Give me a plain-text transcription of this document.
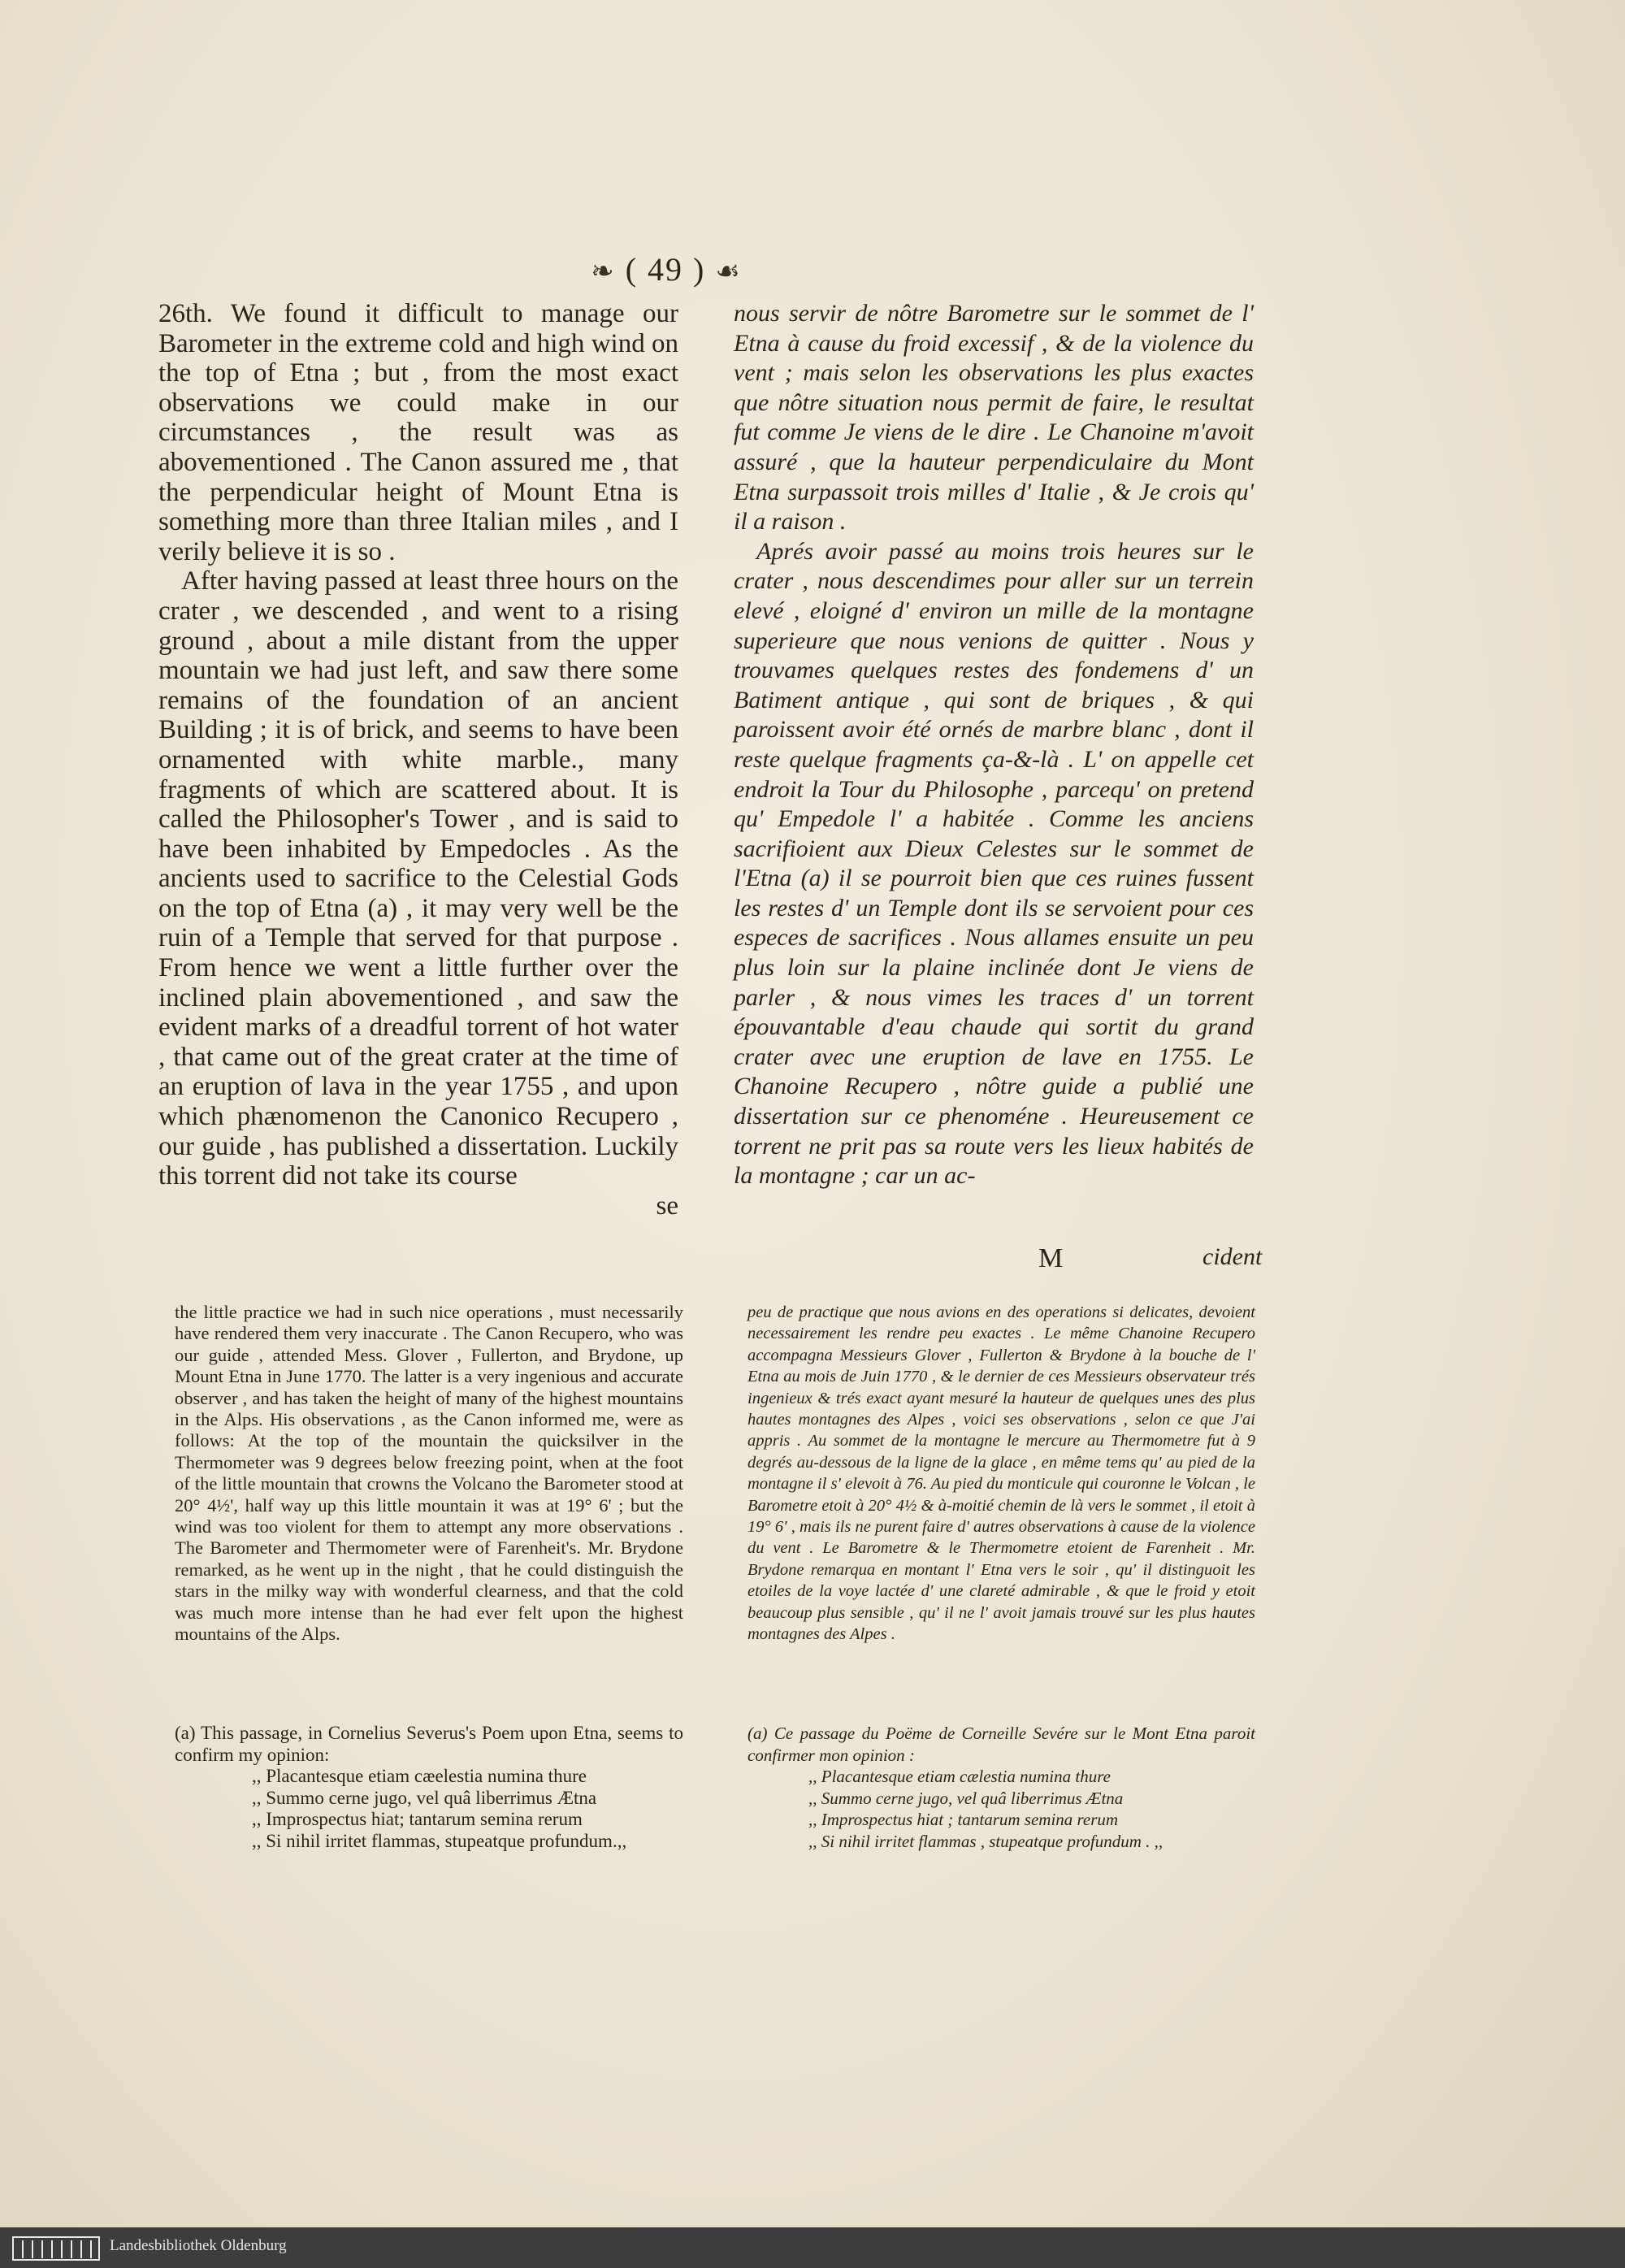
❧ ( 49 ) ☙

26th. We found it difficult to manage our Barometer in the extreme cold and high wind on the top of Etna ; but , from the most exact observations we could make in our circumstances , the result was as abovementioned . The Canon assured me , that the perpendicular height of Mount Etna is something more than three Italian miles , and I verily believe it is so .

After having passed at least three hours on the crater , we descended , and went to a rising ground , about a mile distant from the upper mountain we had just left, and saw there some remains of the foundation of an ancient Building ; it is of brick, and seems to have been ornamented with white marble., many fragments of which are scattered about. It is called the Philosopher's Tower , and is said to have been inhabited by Empedocles . As the ancients used to sacrifice to the Celestial Gods on the top of Etna (a) , it may very well be the ruin of a Temple that served for that purpose . From hence we went a little further over the inclined plain abovementioned , and saw the evident marks of a dreadful torrent of hot water , that came out of the great crater at the time of an eruption of lava in the year 1755 , and upon which phænomenon the Canonico Recupero , our guide , has published a dissertation. Luckily this torrent did not take its course

se

nous servir de nôtre Barometre sur le sommet de l' Etna à cause du froid excessif , & de la violence du vent ; mais selon les observations les plus exactes que nôtre situation nous permit de faire, le resultat fut comme Je viens de le dire . Le Chanoine m'avoit assuré , que la hauteur perpendiculaire du Mont Etna surpassoit trois milles d' Italie , & Je crois qu' il a raison .

Aprés avoir passé au moins trois heures sur le crater , nous descendimes pour aller sur un terrein elevé , eloigné d' environ un mille de la montagne superieure que nous venions de quitter . Nous y trouvames quelques restes des fondemens d' un Batiment antique , qui sont de briques , & qui paroissent avoir été ornés de marbre blanc , dont il reste quelque fragments ça-&-là . L' on appelle cet endroit la Tour du Philosophe , parcequ' on pretend qu' Empedole l' a habitée . Comme les anciens sacrifioient aux Dieux Celestes sur le sommet de l'Etna (a) il se pourroit bien que ces ruines fussent les restes d' un Temple dont ils se servoient pour ces especes de sacrifices . Nous allames ensuite un peu plus loin sur la plaine inclinée dont Je viens de parler , & nous vimes les traces d' un torrent épouvantable d'eau chaude qui sortit du grand crater avec une eruption de lave en 1755. Le Chanoine Recupero , nôtre guide a publié une dissertation sur ce phenoméne . Heureusement ce torrent ne prit pas sa route vers les lieux habités de la montagne ; car un ac-

M	cident
the little practice we had in such nice operations , must necessarily have rendered them very inaccurate . The Canon Recupero, who was our guide , attended Mess. Glover , Fullerton, and Brydone, up Mount Etna in June 1770. The latter is a very ingenious and accurate observer , and has taken the height of many of the highest mountains in the Alps. His observations , as the Canon informed me, were as follows: At the top of the mountain the quicksilver in the Thermometer was 9 degrees below freezing point, when at the foot of the little mountain that crowns the Volcano the Barometer stood at 20° 4½', half way up this little mountain it was at 19° 6' ; but the wind was too violent for them to attempt any more observations . The Barometer and Thermometer were of Farenheit's. Mr. Brydone remarked, as he went up in the night , that he could distinguish the stars in the milky way with wonderful clearness, and that the cold was much more intense than he had ever felt upon the highest mountains of the Alps.
peu de practique que nous avions en des operations si delicates, devoient necessairement les rendre peu exactes . Le même Chanoine Recupero accompagna Messieurs Glover , Fullerton & Brydone à la bouche de l' Etna au mois de Juin 1770 , & le dernier de ces Messieurs observateur trés ingenieux & trés exact ayant mesuré la hauteur de quelques unes des plus hautes montagnes des Alpes , voici ses observations , selon ce que J'ai appris . Au sommet de la montagne le mercure au Thermometre fut à 9 degrés au-dessous de la ligne de la glace , en même tems qu' au pied de la montagne il s' elevoit à 76. Au pied du monticule qui couronne le Volcan , le Barometre etoit à 20° 4½ & à-moitié chemin de là vers le sommet , il etoit à 19° 6' , mais ils ne purent faire d' autres observations à cause de la violence du vent . Le Barometre & le Thermometre etoient de Farenheit . Mr. Brydone remarqua en montant l' Etna vers le soir , qu' il distinguoit les etoiles de la voye lactée d' une clareté admirable , & que le froid y etoit beaucoup plus sensible , qu' il ne l' avoit jamais trouvé sur les plus hautes montagnes des Alpes .

(a) This passage, in Cornelius Severus's Poem upon Etna, seems to confirm my opinion:

,, Placantesque etiam cæelestia numina thure
,, Summo cerne jugo, vel quâ liberrimus Ætna
,, Improspectus hiat; tantarum semina rerum
,, Si nihil irritet flammas, stupeatque profundum.,,

(a) Ce passage du Poëme de Corneille Sevére sur le Mont Etna paroit confirmer mon opinion :

,, Placantesque etiam cælestia numina thure
,, Summo cerne jugo, vel quâ liberrimus Ætna
,, Improspectus hiat ; tantarum semina rerum
,, Si nihil irritet flammas , stupeatque profundum . ,,
Landesbibliothek Oldenburg
